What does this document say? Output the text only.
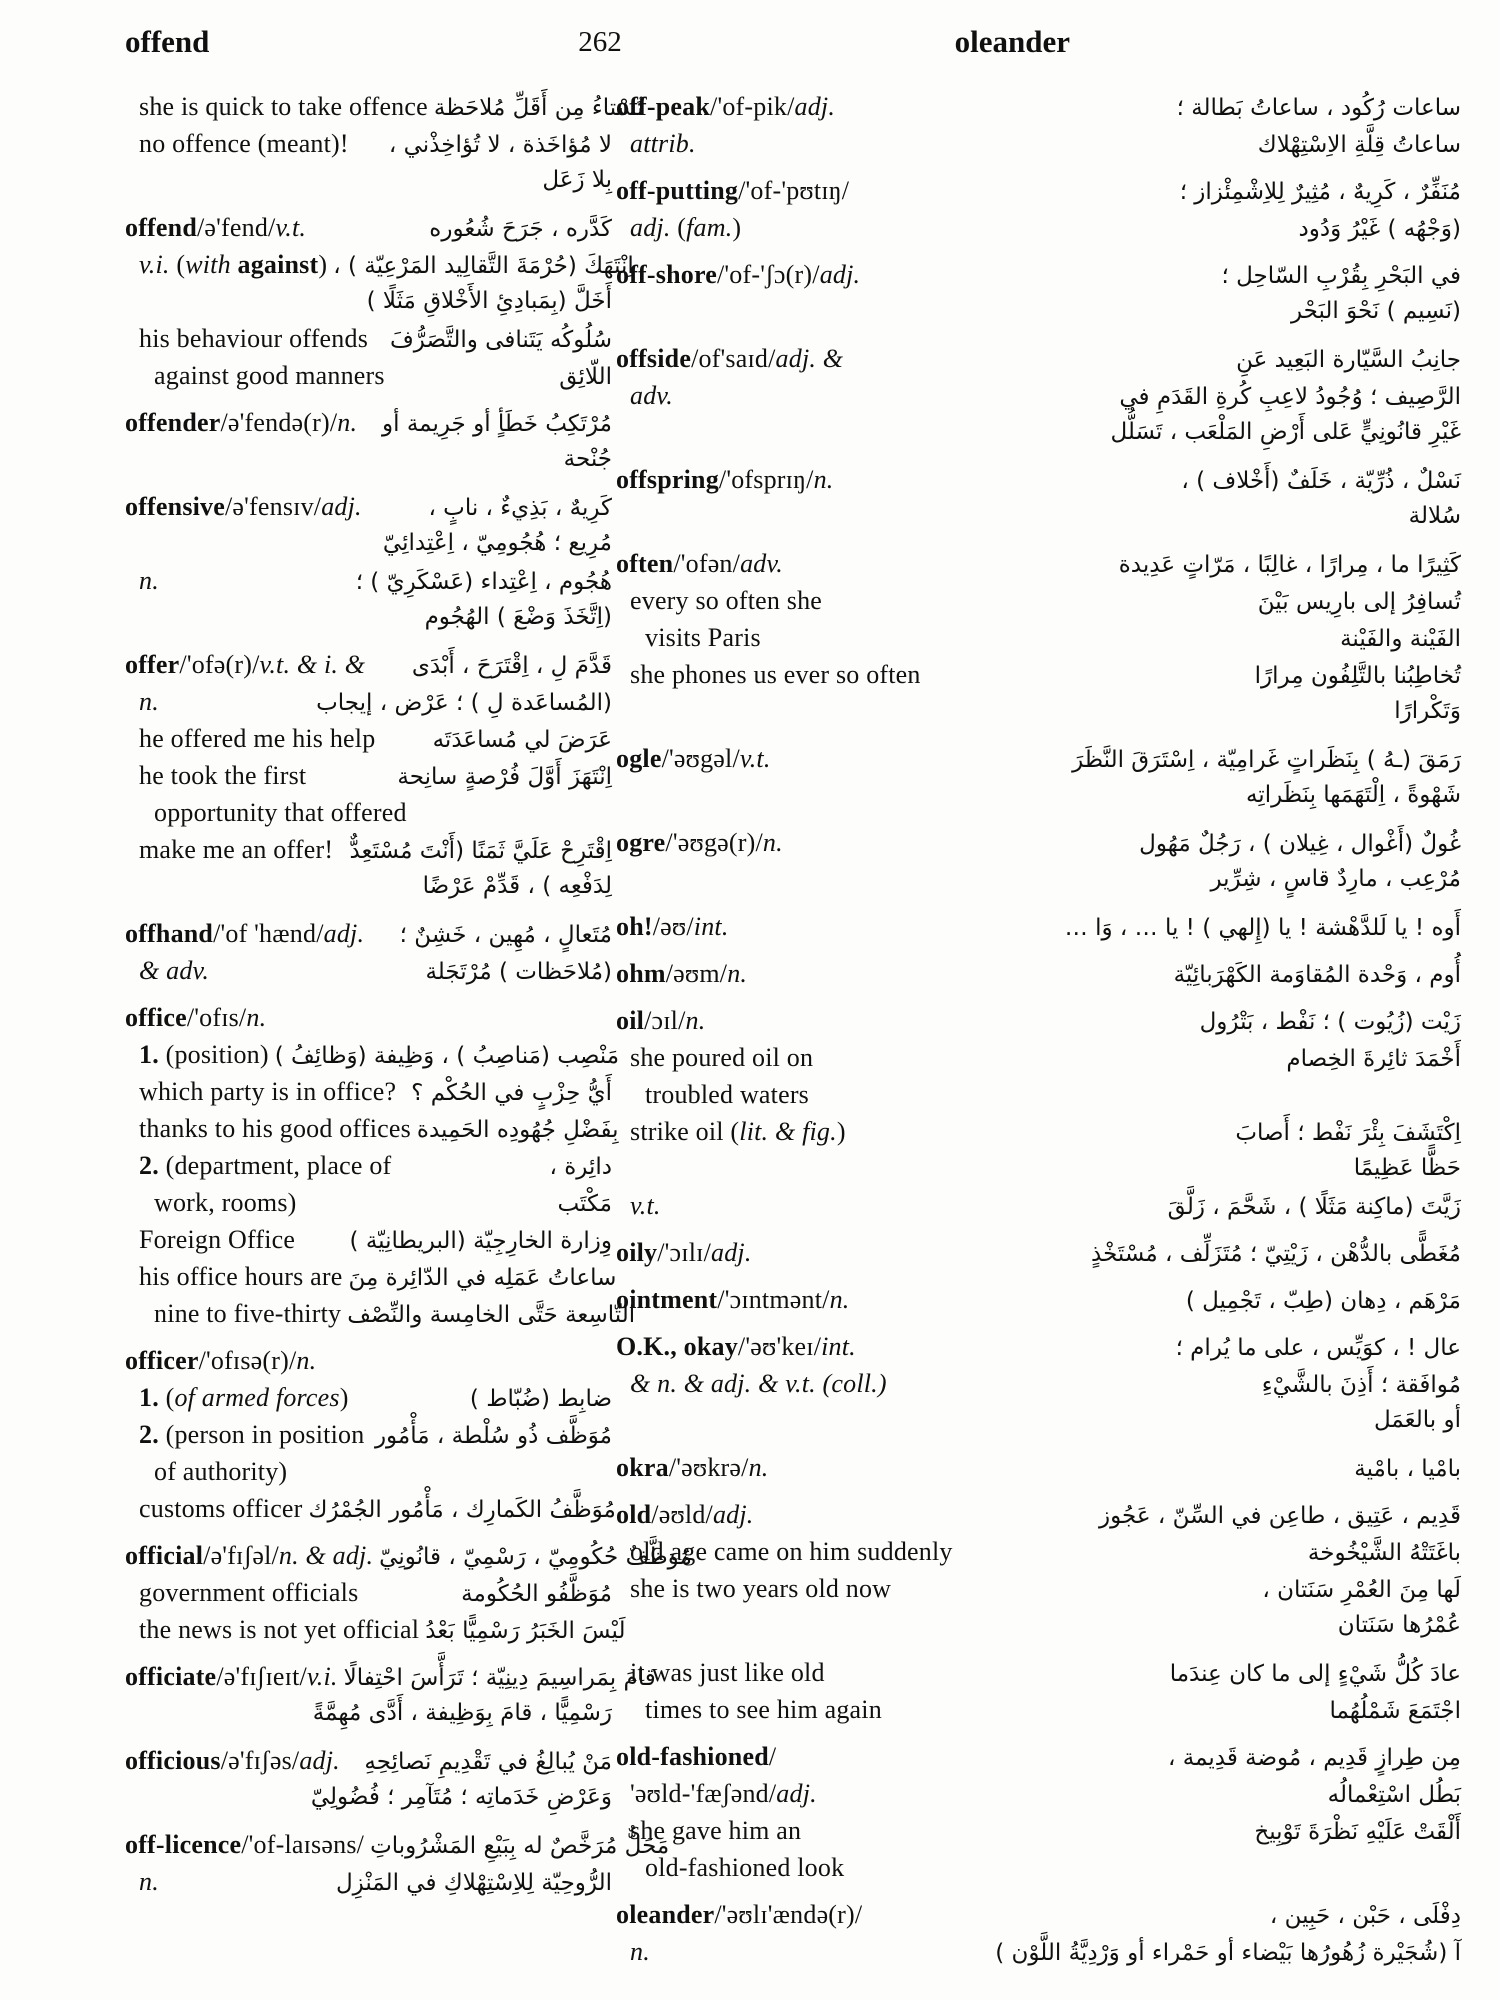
offend	262	oleander
she is quick to take offence تُسْتاءُ مِن أَقَلِّ مُلاحَظة
no offence (meant)! لا مُؤاخَذة ، لا تُؤاخِذْني ،
بِلا زَعَل
offend/ə'fend/v.t.	كَدَّره ، جَرَحَ شُعُوره
v.i. (with against) اِنْتَهَكَ (حُرْمَةَ التَّقالِيد المَرْعِيّة ) ،
أَخَلَّ (بِمَبادِئِ الأَخْلاقِ مَثَلًا )
his behaviour offends سُلُوكُه يَتَنافى والتَّصَرُّفَ
against good manners	اللّائِق
offender/ə'fendə(r)/n. مُرْتَكِبُ خَطَأٍ أو جَرِيمة أو
جُنْحة
offensive/ə'fensɪv/adj.	كَرِيهٌ ، بَذِيءٌ ، نابٍ ،
مُرِيع ؛ هُجُومِيّ ، اِعْتِدائِيّ
n.	هُجُوم ، اِعْتِداء (عَسْكَرِيّ ) ؛
(اِتَّخَذَ وَضْعَ ) الهُجُوم
offer/'ofə(r)/v.t. & i. & قَدَّمَ لِ ، اِقْتَرَحَ ، أَبْدَى
n.	(المُساعَدة لِ ) ؛ عَرْض ، إيجاب
he offered me his help عَرَضَ لي مُساعَدَتَه
he took the first	اِنْتَهَزَ أَوَّلَ فُرْصةٍ سانِحة
opportunity that offered
make me an offer! اِقْتَرِحْ عَلَيَّ ثَمَنًا (أَنْتَ مُسْتَعِدٌّ
لِدَفْعِه ) ، قَدِّمْ عَرْضًا
offhand/'of 'hænd/adj. مُتَعالٍ ، مُهِين ، خَشِنٌ ؛
& adv.	(مُلاحَظات ) مُرْتَجَلة
office/'ofɪs/n.
1. (position) مَنْصِب (مَناصِبُ ) ، وَظِيفة (وَظائِفُ )
which party is in office? أَيُّ حِزْبٍ في الحُكْم ؟
thanks to his good offices بِفَضْلِ جُهُودِه الحَمِيدة
2. (department, place of	دائِرة ،
work, rooms)	مَكْتَب
Foreign Office وِزارة الخارِجِيّة (البريطانِيّة )
his office hours are ساعاتُ عَمَلِه في الدّائِرة مِنَ
nine to five-thirty التّاسِعة حَتَّى الخامِسة والنِّصْف
officer/'ofɪsə(r)/n.
1. (of armed forces)	ضابِط (ضُبّاط )
2. (person in position مُوَظَّف ذُو سُلْطة ، مَأْمُور
of authority)
customs officer مُوَظَّفُ الكَمارِك ، مَأْمُور الجُمْرُك
official/ə'fɪʃəl/n. & adj. مُوَظَّفٌ حُكُومِيّ ، رَسْمِيّ ، قانُونِيّ
government officials	مُوَظَّفُو الحُكُومة
the news is not yet official لَيْسَ الخَبَرُ رَسْمِيًّا بَعْدُ
officiate/ə'fɪʃɪeɪt/v.i. قامَ بِمَراسِيمَ دِينِيّة ؛ تَرَأَّسَ احْتِفالًا
رَسْمِيًّا ، قامَ بِوَظِيفة ، أَدَّى مُهِمَّةً
officious/ə'fɪʃəs/adj. مَنْ يُبالِغُ في تَقْدِيمِ نَصائِحِهِ
وَعَرْضِ خَدَماتِه ؛ مُتَآمِر ؛ فُضُولِيّ
off-licence/'of-laɪsəns/ مَحَلٌّ مُرَخَّصٌ له بِبَيْعِ المَشْرُوباتِ
n.	الرُّوحِيّة لِلاِسْتِهْلاكِ في المَنْزِل
off-peak/'of-pik/adj.	ساعات رُكُود ، ساعاتُ بَطالة ؛
attrib.	ساعاتُ قِلَّةِ الاِسْتِهْلاك
off-putting/'of-'pʊtɪŋ/	مُنَفِّرٌ ، كَرِيهٌ ، مُثِيرٌ لِلاِشْمِئْزاز ؛
adj. (fam.)	(وَجْهُه ) غَيْرُ وَدُود
off-shore/'of-'ʃɔ(r)/adj.	في البَحْرِ بِقُرْبِ السّاحِل ؛
(نَسِيم ) نَحْوَ البَحْر
offside/of'saɪd/adj. &	جانِبُ السَّيّارة البَعِيد عَنِ
adv.	الرَّصِيف ؛ وُجُودُ لاعِبِ كُرةِ القَدَمِ في
غَيْرِ قانُونِيٍّ عَلى أَرْضِ المَلْعَب ، تَسَلُّل
offspring/'ofsprɪŋ/n.	نَسْلٌ ، ذُرِّيّة ، خَلَفٌ (أَخْلاف ) ،
سُلالة
often/'ofən/adv.	كَثِيرًا ما ، مِرارًا ، غالِبًا ، مَرّاتٍ عَدِيدة
every so often she	تُسافِرُ إلى بارِيس بَيْنَ
visits Paris	الفَيْنة والفَيْنة
she phones us ever so often	تُخاطِبُنا بالتَّلِفُون مِرارًا
وَتَكْرارًا
ogle/'əʊgəl/v.t.	رَمَقَ (ـهُ ) بِنَظَراتٍ غَرامِيّة ، اِسْتَرَقَ النَّظَرَ
شَهْوةً ، اِلْتَهَمَها بِنَظَراتِه
ogre/'əʊgə(r)/n.	غُولٌ (أَغْوال ، غِيلان ) ، رَجُلٌ مَهُول
مُرْعِب ، مارِدٌ قاسٍ ، شِرِّير
oh!/əʊ/int.	أَوه ! يا لَلدَّهْشة ! يا (إِلهي ) ! يا … ، وَا …
ohm/əʊm/n.	أُوم ، وَحْدة المُقاوَمة الكَهْرَبائِيّة
oil/ɔɪl/n.	زَيْت (زُيُوت ) ؛ نَفْط ، بَتْرُول
she poured oil on	أَخْمَدَ ثائِرةَ الخِصام
troubled waters
strike oil (lit. & fig.)	اِكْتَشَفَ بِئْرَ نَفْط ؛ أَصابَ
حَظًّا عَظِيمًا
v.t.	زَيَّتَ (ماكِنة مَثَلًا ) ، شَحَّمَ ، زَلَّقَ
oily/'ɔɪlɪ/adj.	مُغَطًّى بالدُّهْن ، زَيْتِيّ ؛ مُتَزَلِّف ، مُسْتَخْذٍ
ointment/'ɔɪntmənt/n.	مَرْهَم ، دِهان (طِبّ ، تَجْمِيل )
O.K., okay/'əʊ'keɪ/int.	عال ! ، كوَيِّس ، على ما يُرام ؛
& n. & adj. & v.t. (coll.)	مُوافَقة ؛ أَذِنَ بالشَّيْءِ
أو بالعَمَل
okra/'əʊkrə/n.	بامْيا ، بامْية
old/əʊld/adj.	قَدِيم ، عَتِيق ، طاعِن في السِّنّ ، عَجُوز
old age came on him suddenly	باغَتَتْهُ الشَّيْخُوخة
she is two years old now	لَها مِنَ العُمْرِ سَنَتان ،
عُمْرُها سَنَتان
it was just like old	عادَ كُلُّ شَيْءٍ إلى ما كان عِندَما
times to see him again	اجْتَمَعَ شَمْلُهُما
old-fashioned/	مِن طِرازٍ قَدِيم ، مُوضة قَدِيمة ،
'əʊld-'fæʃənd/adj.	بَطُل اسْتِعْمالُه
she gave him an	أَلْقَتْ عَلَيْهِ نَظْرَةَ تَوْبِيخ
old-fashioned look
oleander/'əʊlɪ'ændə(r)/	دِفْلَى ، حَبْن ، حَبِين ،
n.	آ (شُجَيْرة زُهُورُها بَيْضاء أو حَمْراء أو وَرْدِيَّةُ اللَّوْن )
